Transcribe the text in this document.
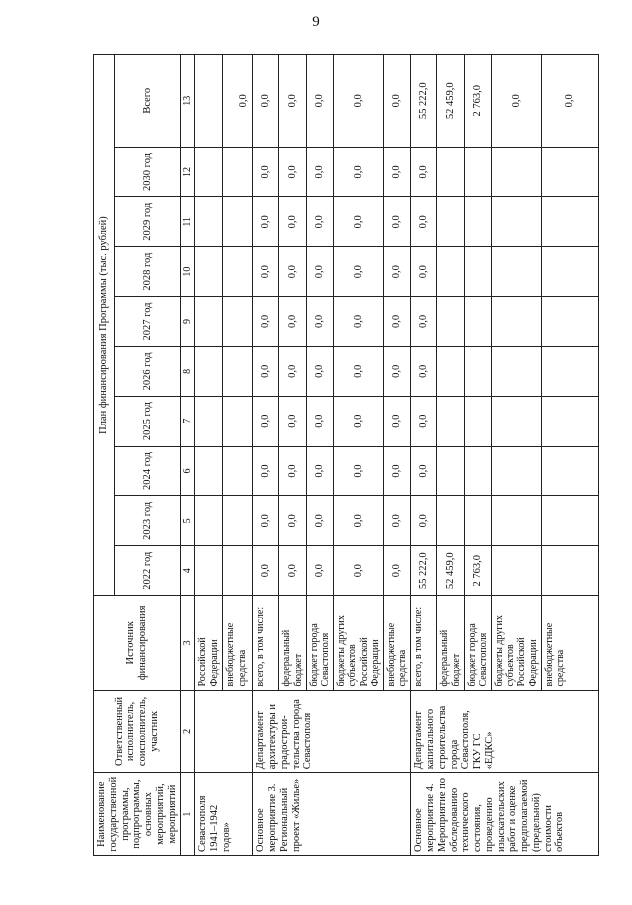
9
Наименование государственной программы, подпрограммы, основных мероприятий, мероприятий	Ответственный исполнитель, соисполнитель, участник	Источник финансирования	План финансирования Программы (тыс. рублей)									
			2022 год	2023 год	2024 год	2025 год	2026 год	2027 год	2028 год	2029 год	2030 год	Всего
1	2	3	4	5	6	7	8	9	10	11	12	13
Севастополя 1941–1942 годов»		Российской Федерации										
		внебюджетные средства										0,0
Основное мероприятие 3. Региональный проект «Жилье»	Департамент архитектуры и градострои-тельства города Севастополя	всего, в том числе:	0,0	0,0	0,0	0,0	0,0	0,0	0,0	0,0	0,0	0,0
		федеральный бюджет	0,0	0,0	0,0	0,0	0,0	0,0	0,0	0,0	0,0	0,0
		бюджет города Севастополя	0,0	0,0	0,0	0,0	0,0	0,0	0,0	0,0	0,0	0,0
		бюджеты других субъектов Российской Федерации	0,0	0,0	0,0	0,0	0,0	0,0	0,0	0,0	0,0	0,0
		внебюджетные средства	0,0	0,0	0,0	0,0	0,0	0,0	0,0	0,0	0,0	0,0
Основное мероприятие 4. Мероприятие по обследованию технического состояния, проведению изыскательских работ и оценке предполагаемой (предельной) стоимости объектов	Департамент капитального строительства города Севастополя, ГКУ ГС «ЕДКС»	всего, в том числе:	55 222,0	0,0	0,0	0,0	0,0	0,0	0,0	0,0	0,0	55 222,0
		федеральный бюджет	52 459,0									52 459,0
		бюджет города Севастополя	2 763,0									2 763,0
		бюджеты других субъектов Российской Федерации										0,0
		внебюджетные средства										0,0
